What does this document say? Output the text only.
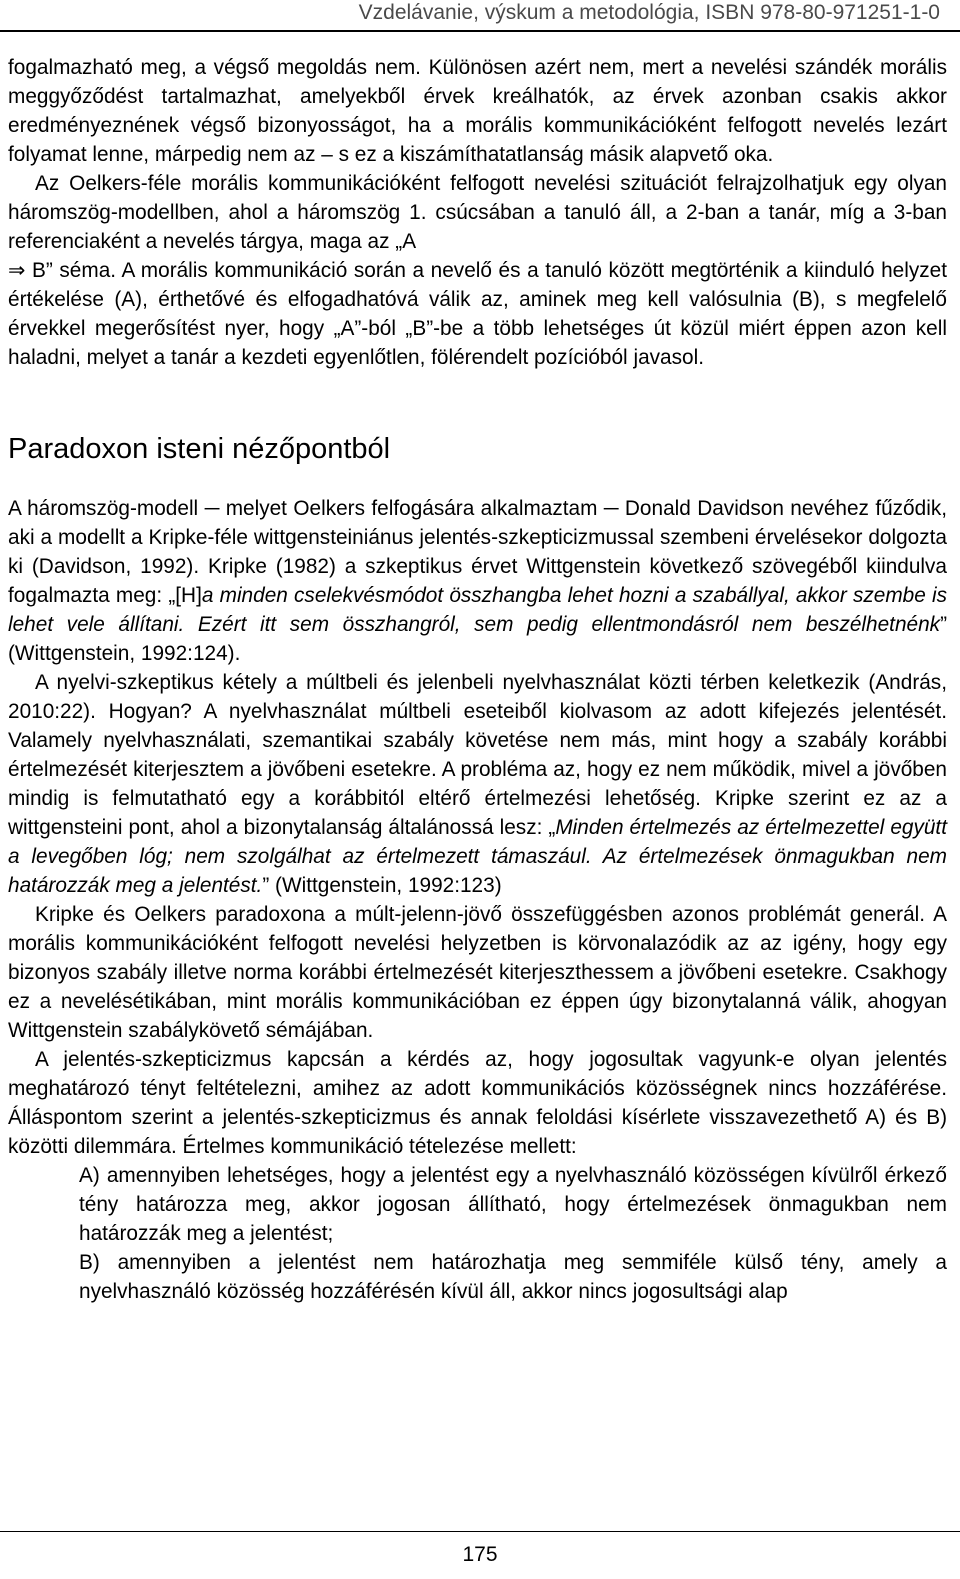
Vzdelávanie, výskum a metodológia, ISBN 978-80-971251-1-0

fogalmazható meg, a végső megoldás nem. Különösen azért nem, mert a nevelési szándék morális meggyőződést tartalmazhat, amelyekből érvek kreálhatók, az érvek azonban csakis akkor eredményeznének végső bizonyosságot, ha a morális kommunikációként felfogott nevelés lezárt folyamat lenne, márpedig nem az – s ez a kiszámíthatatlanság másik alapvető oka.

Az Oelkers-féle morális kommunikációként felfogott nevelési szituációt felrajzolhatjuk egy olyan háromszög-modellben, ahol a háromszög 1. csúcsában a tanuló áll, a 2-ban a tanár, míg a 3-ban referenciaként a nevelés tárgya, maga az „A
⇒ B” séma. A morális kommunikáció során a nevelő és a tanuló között megtörténik a kiinduló helyzet értékelése (A), érthetővé és elfogadhatóvá válik az, aminek meg kell valósulnia (B), s megfelelő érvekkel megerősítést nyer, hogy „A”-ból „B”-be a több lehetséges út közül miért éppen azon kell haladni, melyet a tanár a kezdeti egyenlőtlen, fölérendelt pozícióból javasol.

Paradoxon isteni nézőpontból

A háromszög-modell ─ melyet Oelkers felfogására alkalmaztam ─ Donald Davidson nevéhez fűződik, aki a modellt a Kripke-féle wittgensteiniánus jelentés-szkepticizmussal szembeni érvelésekor dolgozta ki (Davidson, 1992). Kripke (1982) a szkeptikus érvet Wittgenstein következő szövegéből kiindulva fogalmazta meg: „[H]a minden cselekvésmódot összhangba lehet hozni a szabállyal, akkor szembe is lehet vele állítani. Ezért itt sem összhangról, sem pedig ellentmondásról nem beszélhetnénk” (Wittgenstein, 1992:124).

A nyelvi-szkeptikus kétely a múltbeli és jelenbeli nyelvhasználat közti térben keletkezik (András, 2010:22). Hogyan? A nyelvhasználat múltbeli eseteiből kiolvasom az adott kifejezés jelentését. Valamely nyelvhasználati, szemantikai szabály követése nem más, mint hogy a szabály korábbi értelmezését kiterjesztem a jövőbeni esetekre. A probléma az, hogy ez nem működik, mivel a jövőben mindig is felmutatható egy a korábbitól eltérő értelmezési lehetőség. Kripke szerint ez az a wittgensteini pont, ahol a bizonytalanság általánossá lesz: „Minden értelmezés az értelmezettel együtt a levegőben lóg; nem szolgálhat az értelmezett támaszául. Az értelmezések önmagukban nem határozzák meg a jelentést.” (Wittgenstein, 1992:123)

Kripke és Oelkers paradoxona a múlt-jelenn-jövő összefüggésben azonos problémát generál. A morális kommunikációként felfogott nevelési helyzetben is körvonalazódik az az igény, hogy egy bizonyos szabály illetve norma korábbi értelmezését kiterjeszthessem a jövőbeni esetekre. Csakhogy ez a nevelésétikában, mint morális kommunikációban ez éppen úgy bizonytalanná válik, ahogyan Wittgenstein szabálykövető sémájában.

A jelentés-szkepticizmus kapcsán a kérdés az, hogy jogosultak vagyunk-e olyan jelentés meghatározó tényt feltételezni, amihez az adott kommunikációs közösségnek nincs hozzáférése. Álláspontom szerint a jelentés-szkepticizmus és annak feloldási kísérlete visszavezethető A) és B) közötti dilemmára. Értelmes kommunikáció tételezése mellett:

A) amennyiben lehetséges, hogy a jelentést egy a nyelvhasználó közösségen kívülről érkező tény határozza meg, akkor jogosan állítható, hogy értelmezések önmagukban nem határozzák meg a jelentést;

B) amennyiben a jelentést nem határozhatja meg semmiféle külső tény, amely a nyelvhasználó közösség hozzáférésén kívül áll, akkor nincs jogosultsági alap

175
